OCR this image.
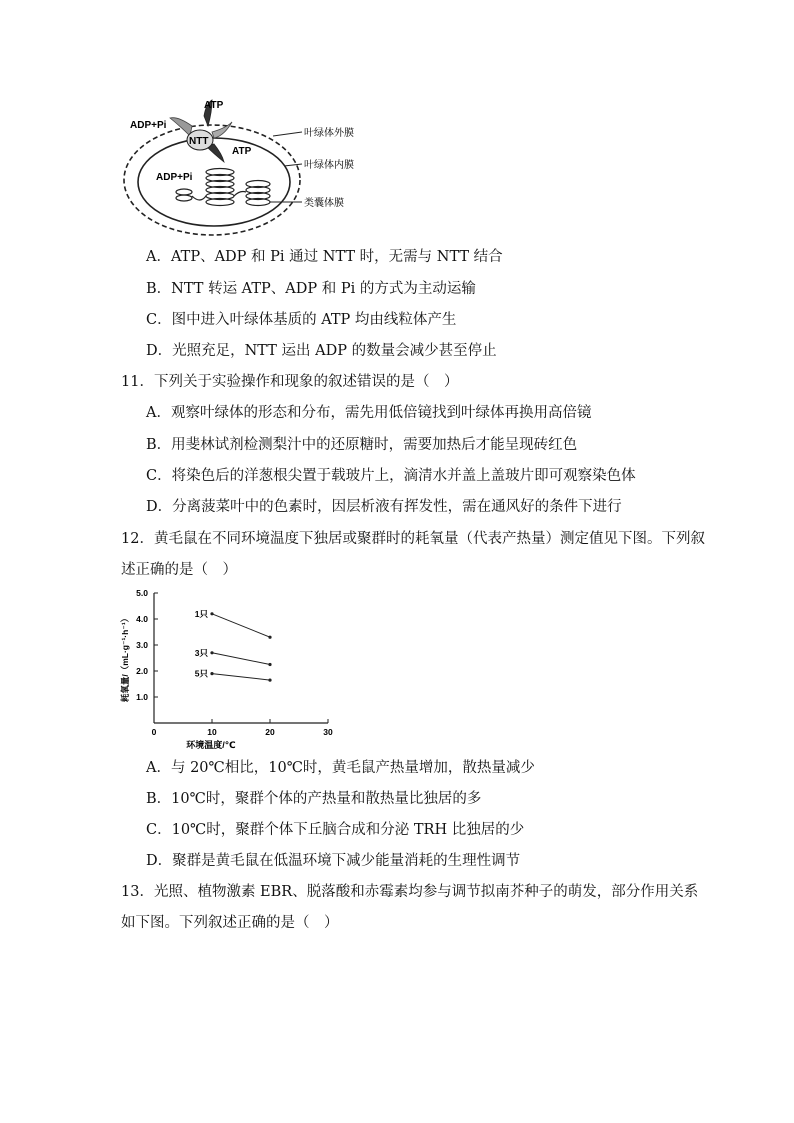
ATP
ADP+Pi
NTT
ATP
ADP+Pi
叶绿体外膜
叶绿体内膜
类囊体膜
A．ATP、ADP 和 Pi 通过 NTT 时，无需与 NTT 结合
B．NTT 转运 ATP、ADP 和 Pi 的方式为主动运输
C．图中进入叶绿体基质的 ATP 均由线粒体产生
D．光照充足，NTT 运出 ADP 的数量会减少甚至停止
11．下列关于实验操作和现象的叙述错误的是（　）
A．观察叶绿体的形态和分布，需先用低倍镜找到叶绿体再换用高倍镜
B．用斐林试剂检测梨汁中的还原糖时，需要加热后才能呈现砖红色
C．将染色后的洋葱根尖置于载玻片上，滴清水并盖上盖玻片即可观察染色体
D．分离菠菜叶中的色素时，因层析液有挥发性，需在通风好的条件下进行
12．黄毛鼠在不同环境温度下独居或聚群时的耗氧量（代表产热量）测定值见下图。下列叙
述正确的是（　）
1.0
2.0
3.0
4.0
5.0
0	10	20	30
环境温度/℃
耗氧量/（mL·g⁻¹·h⁻¹）
1只
3只
5只
A．与 20℃相比，10℃时，黄毛鼠产热量增加，散热量减少
B．10℃时，聚群个体的产热量和散热量比独居的多
C．10℃时，聚群个体下丘脑合成和分泌 TRH 比独居的少
D．聚群是黄毛鼠在低温环境下减少能量消耗的生理性调节
13．光照、植物激素 EBR、脱落酸和赤霉素均参与调节拟南芥种子的萌发，部分作用关系
如下图。下列叙述正确的是（　）
